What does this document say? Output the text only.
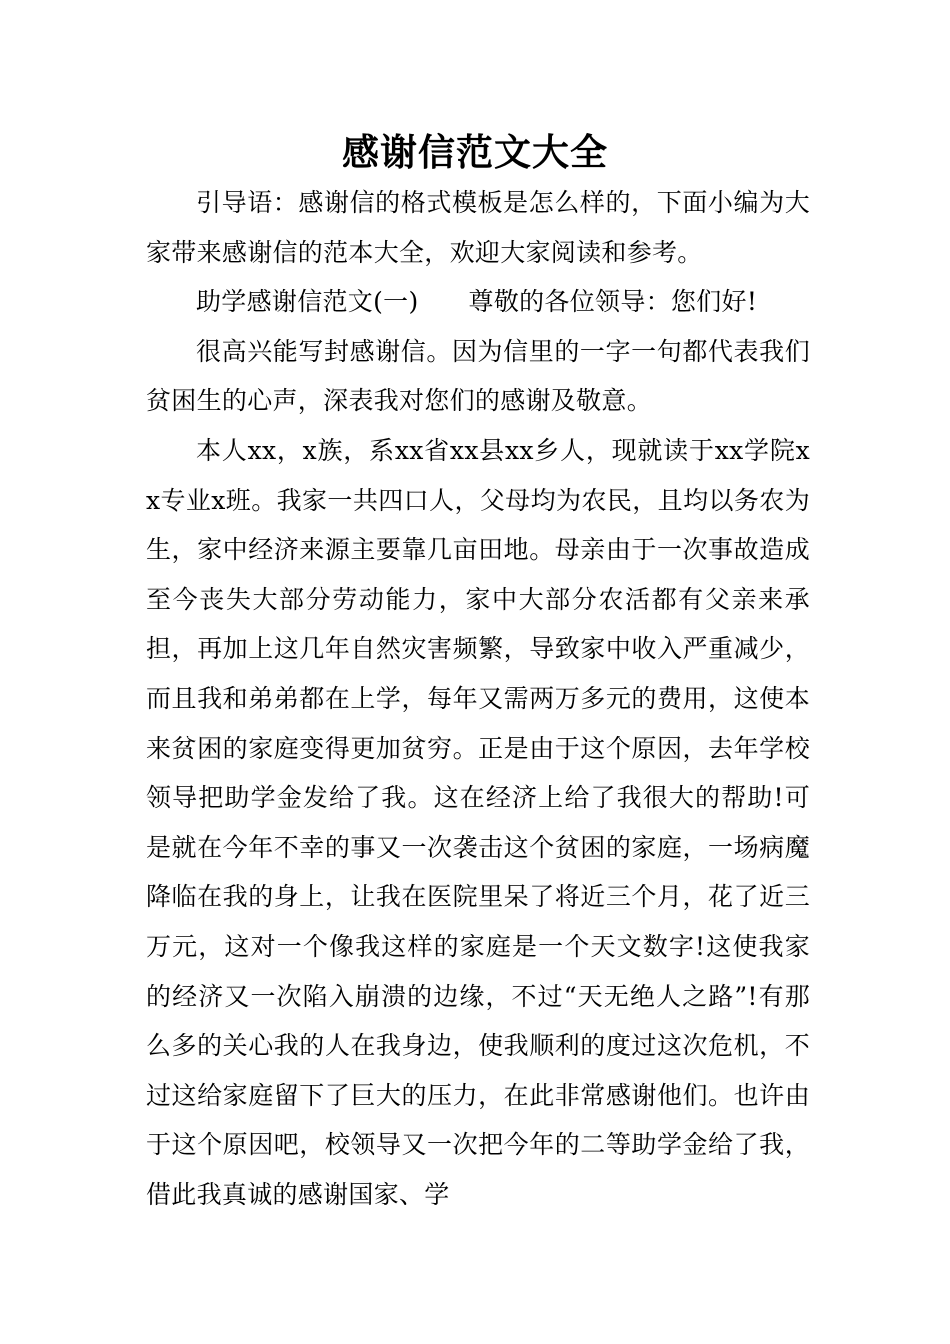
感谢信范文大全

引导语：感谢信的格式模板是怎么样的，下面小编为大家带来感谢信的范本大全，欢迎大家阅读和参考。

助学感谢信范文(一) 尊敬的各位领导：您们好!

很高兴能写封感谢信。因为信里的一字一句都代表我们贫困生的心声，深表我对您们的感谢及敬意。

本人xx，x族，系xx省xx县xx乡人，现就读于xx学院xx专业x班。我家一共四口人，父母均为农民，且均以务农为生，家中经济来源主要靠几亩田地。母亲由于一次事故造成至今丧失大部分劳动能力，家中大部分农活都有父亲来承担，再加上这几年自然灾害频繁，导致家中收入严重减少，而且我和弟弟都在上学，每年又需两万多元的费用，这使本来贫困的家庭变得更加贫穷。正是由于这个原因，去年学校领导把助学金发给了我。这在经济上给了我很大的帮助!可是就在今年不幸的事又一次袭击这个贫困的家庭，一场病魔降临在我的身上，让我在医院里呆了将近三个月，花了近三万元，这对一个像我这样的家庭是一个天文数字!这使我家的经济又一次陷入崩溃的边缘，不过“天无绝人之路”!有那么多的关心我的人在我身边，使我顺利的度过这次危机，不过这给家庭留下了巨大的压力，在此非常感谢他们。也许由于这个原因吧，校领导又一次把今年的二等助学金给了我，借此我真诚的感谢国家、学
